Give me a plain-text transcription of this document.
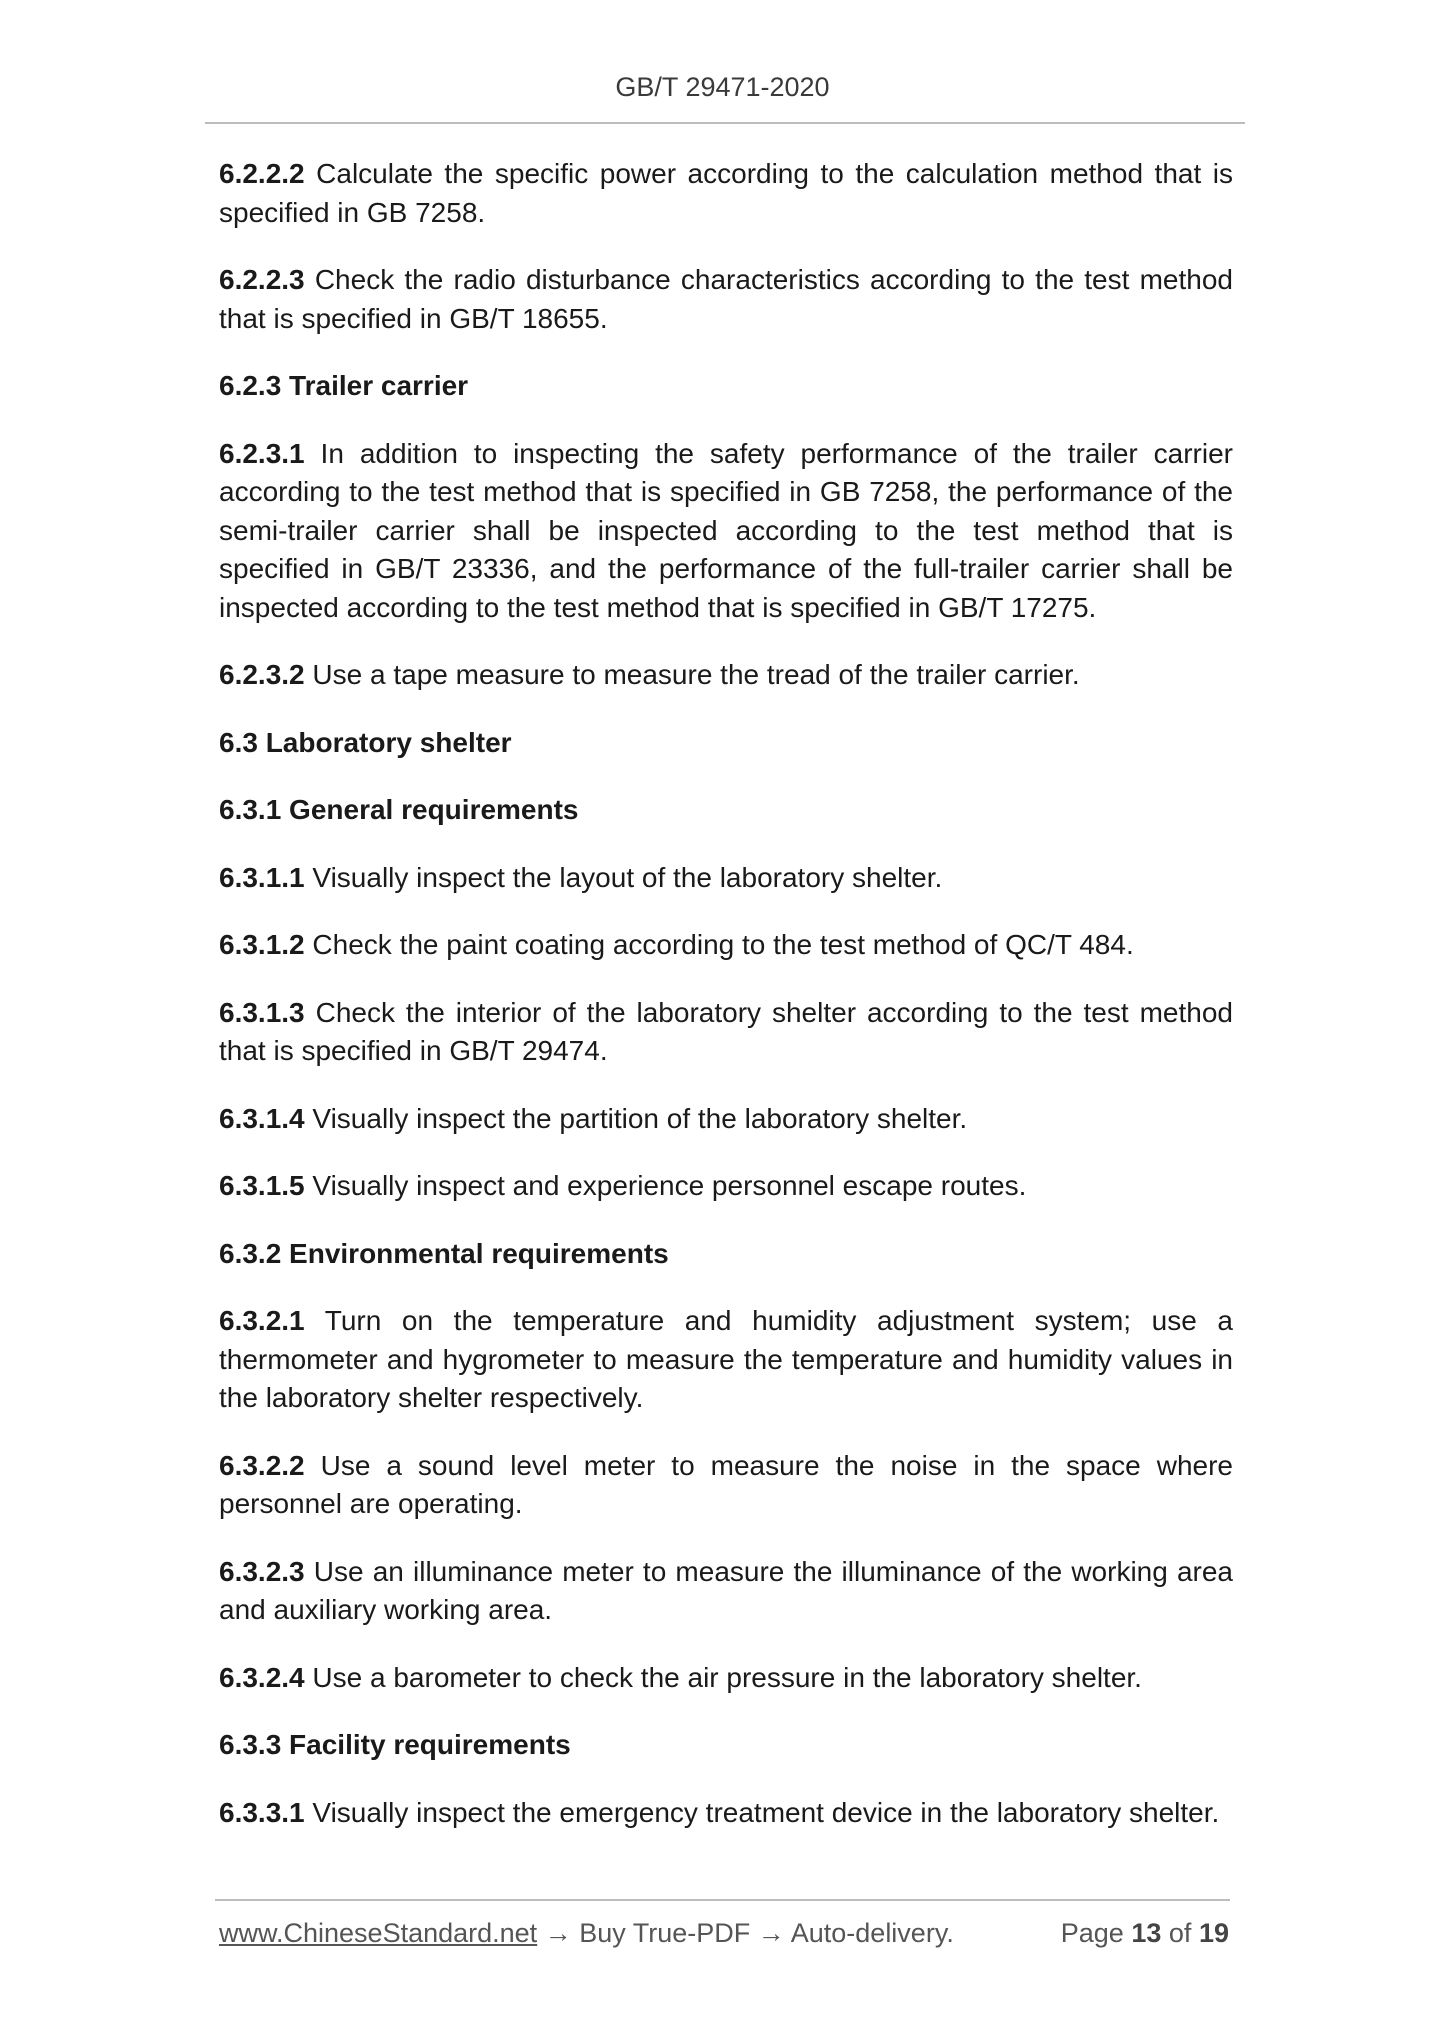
GB/T 29471-2020
6.2.2.2 Calculate the specific power according to the calculation method that is specified in GB 7258.
6.2.2.3 Check the radio disturbance characteristics according to the test method that is specified in GB/T 18655.
6.2.3 Trailer carrier
6.2.3.1 In addition to inspecting the safety performance of the trailer carrier according to the test method that is specified in GB 7258, the performance of the semi-trailer carrier shall be inspected according to the test method that is specified in GB/T 23336, and the performance of the full-trailer carrier shall be inspected according to the test method that is specified in GB/T 17275.
6.2.3.2 Use a tape measure to measure the tread of the trailer carrier.
6.3 Laboratory shelter
6.3.1 General requirements
6.3.1.1 Visually inspect the layout of the laboratory shelter.
6.3.1.2 Check the paint coating according to the test method of QC/T 484.
6.3.1.3 Check the interior of the laboratory shelter according to the test method that is specified in GB/T 29474.
6.3.1.4 Visually inspect the partition of the laboratory shelter.
6.3.1.5 Visually inspect and experience personnel escape routes.
6.3.2 Environmental requirements
6.3.2.1 Turn on the temperature and humidity adjustment system; use a thermometer and hygrometer to measure the temperature and humidity values in the laboratory shelter respectively.
6.3.2.2 Use a sound level meter to measure the noise in the space where personnel are operating.
6.3.2.3 Use an illuminance meter to measure the illuminance of the working area and auxiliary working area.
6.3.2.4 Use a barometer to check the air pressure in the laboratory shelter.
6.3.3 Facility requirements
6.3.3.1 Visually inspect the emergency treatment device in the laboratory shelter.
www.ChineseStandard.net → Buy True-PDF → Auto-delivery.	Page 13 of 19
